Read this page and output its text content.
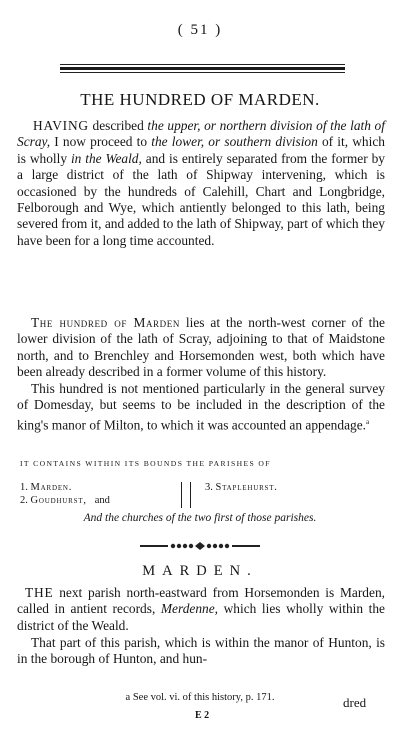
( 51 )
THE HUNDRED OF MARDEN.

HAVING described the upper, or northern division of the lath of Scray, I now proceed to the lower, or southern division of it, which is wholly in the Weald, and is entirely separated from the former by a large district of the lath of Shipway intervening, which is occasioned by the hundreds of Calehill, Chart and Longbridge, Felborough and Wye, which antiently belonged to this lath, being severed from it, and added to the lath of Shipway, part of which they have been for a long time accounted.

The hundred of Marden lies at the north-west corner of the lower division of the lath of Scray, adjoining to that of Maidstone north, and to Brenchley and Horsemonden west, both which have been already described in a former volume of this history.

This hundred is not mentioned particularly in the general survey of Domesday, but seems to be included in the description of the king's manor of Milton, to which it was accounted an appendage.$^a$

IT CONTAINS WITHIN ITS BOUNDS THE PARISHES OF
1. Marden.
2. Goudhurst, and
3. Staplehurst.
And the churches of the two first of those parishes.
MARDEN.

THE next parish north-eastward from Horsemonden is Marden, called in antient records, Merdenne, which lies wholly within the district of the Weald.

That part of this parish, which is within the manor of Hunton, is in the borough of Hunton, and hun-

a See vol. vi. of this history, p. 171.
E 2
dred
